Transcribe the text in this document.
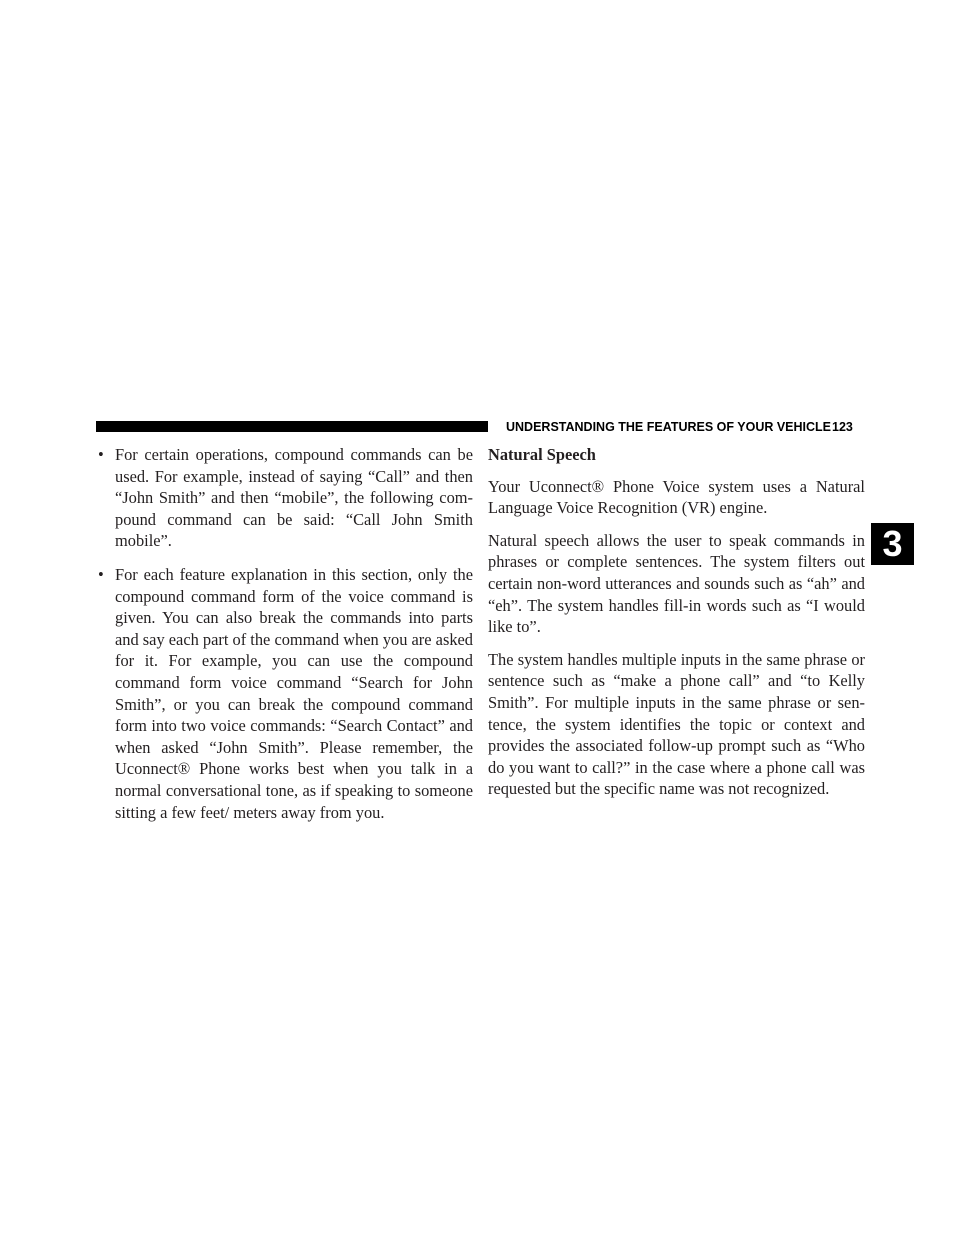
UNDERSTANDING THE FEATURES OF YOUR VEHICLE 123
3
• For certain operations, compound commands can be used. For example, instead of saying “Call” and then “John Smith” and then “mobile”, the following com-pound command can be said: “Call John Smith mobile”.
• For each feature explanation in this section, only the compound command form of the voice command is given. You can also break the commands into parts and say each part of the command when you are asked for it. For example, you can use the compound command form voice command “Search for John Smith”, or you can break the compound command form into two voice commands: “Search Contact” and when asked “John Smith”. Please remember, the Uconnect® Phone works best when you talk in a normal conversational tone, as if speaking to someone sitting a few feet/ meters away from you.
Natural Speech

Your Uconnect® Phone Voice system uses a Natural Language Voice Recognition (VR) engine.

Natural speech allows the user to speak commands in phrases or complete sentences. The system filters out certain non-word utterances and sounds such as “ah” and “eh”. The system handles fill-in words such as “I would like to”.

The system handles multiple inputs in the same phrase or sentence such as “make a phone call” and “to Kelly Smith”. For multiple inputs in the same phrase or sen-tence, the system identifies the topic or context and provides the associated follow-up prompt such as “Who do you want to call?” in the case where a phone call was requested but the specific name was not recognized.
